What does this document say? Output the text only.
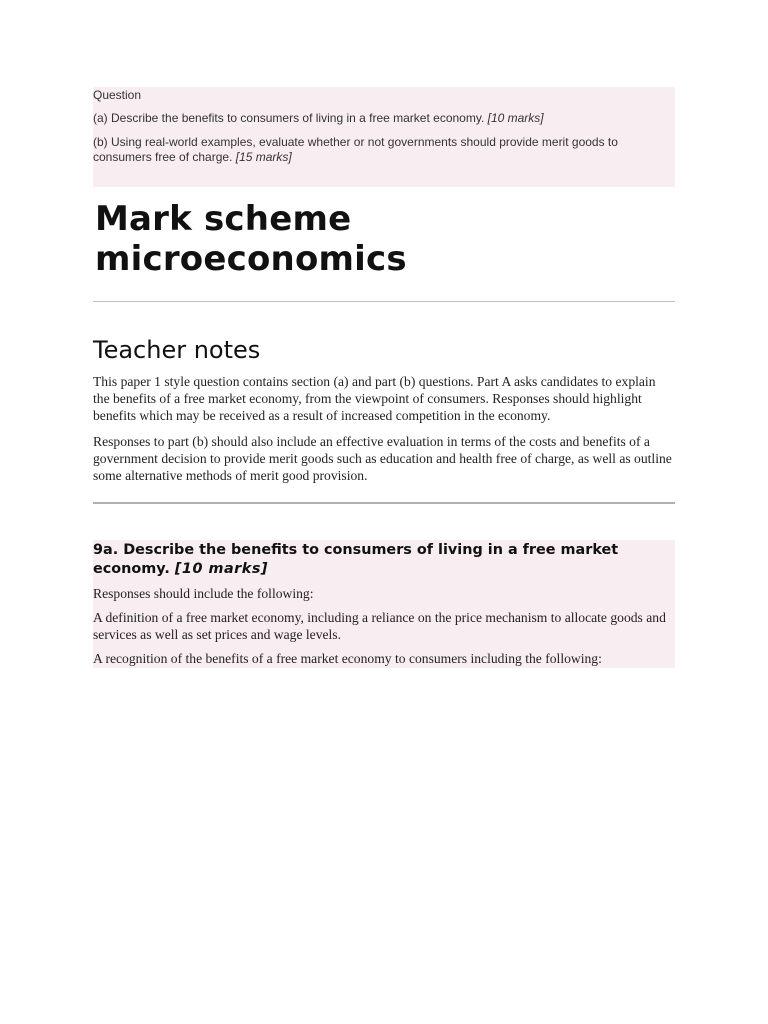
Question
(a) Describe the benefits to consumers of living in a free market economy. [10 marks]
(b) Using real-world examples, evaluate whether or not governments should provide merit goods to consumers free of charge. [15 marks]
Mark scheme microeconomics
Teacher notes
This paper 1 style question contains section (a) and part (b) questions. Part A asks candidates to explain the benefits of a free market economy, from the viewpoint of consumers. Responses should highlight benefits which may be received as a result of increased competition in the economy.
Responses to part (b) should also include an effective evaluation in terms of the costs and benefits of a government decision to provide merit goods such as education and health free of charge, as well as outline some alternative methods of merit good provision.
9a. Describe the benefits to consumers of living in a free market economy. [10 marks]
Responses should include the following:
A definition of a free market economy, including a reliance on the price mechanism to allocate goods and services as well as set prices and wage levels.
A recognition of the benefits of a free market economy to consumers including the following:
